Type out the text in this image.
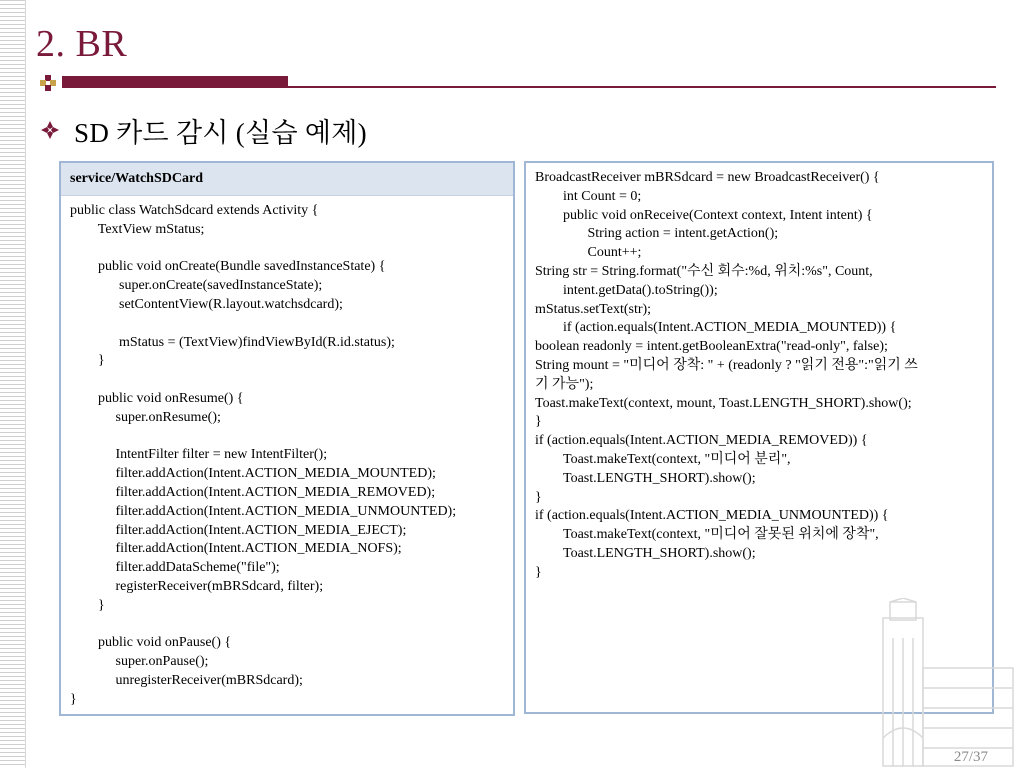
2. BR
SD 카드 감시 (실습 예제)
service/WatchSDCard
public class WatchSdcard extends Activity {
TextView mStatus;
public void onCreate(Bundle savedInstanceState) {
super.onCreate(savedInstanceState);
setContentView(R.layout.watchsdcard);
mStatus = (TextView)findViewById(R.id.status);
}
public void onResume() {
super.onResume();
IntentFilter filter = new IntentFilter();
filter.addAction(Intent.ACTION_MEDIA_MOUNTED);
filter.addAction(Intent.ACTION_MEDIA_REMOVED);
filter.addAction(Intent.ACTION_MEDIA_UNMOUNTED);
filter.addAction(Intent.ACTION_MEDIA_EJECT);
filter.addAction(Intent.ACTION_MEDIA_NOFS);
filter.addDataScheme("file");
registerReceiver(mBRSdcard, filter);
}
public void onPause() {
super.onPause();
unregisterReceiver(mBRSdcard);
}
BroadcastReceiver mBRSdcard = new BroadcastReceiver() {
int Count = 0;
public void onReceive(Context context, Intent intent) {
String action = intent.getAction();
Count++;
String str = String.format("수신 회수:%d, 위치:%s", Count,
intent.getData().toString());
mStatus.setText(str);
if (action.equals(Intent.ACTION_MEDIA_MOUNTED)) {
boolean readonly = intent.getBooleanExtra("read-only", false);
String mount = "미디어 장착: " + (readonly ? "읽기 전용":"읽기 쓰
기 가능");
Toast.makeText(context, mount, Toast.LENGTH_SHORT).show();
}
if (action.equals(Intent.ACTION_MEDIA_REMOVED)) {
Toast.makeText(context, "미디어 분리",
Toast.LENGTH_SHORT).show();
}
if (action.equals(Intent.ACTION_MEDIA_UNMOUNTED)) {
Toast.makeText(context, "미디어 잘못된 위치에 장착",
Toast.LENGTH_SHORT).show();
}
27/37
